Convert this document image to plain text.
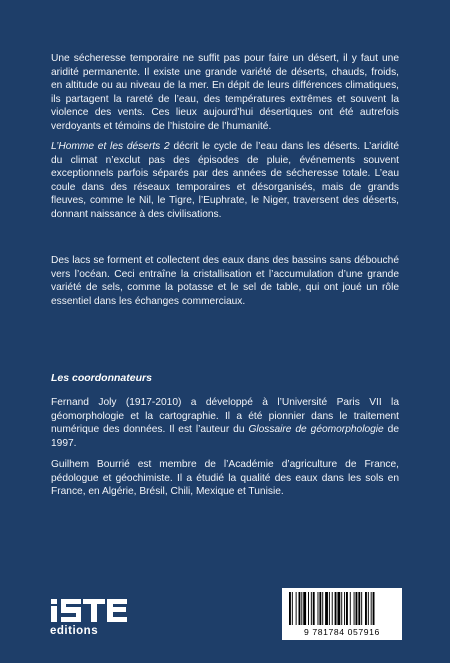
Une sécheresse temporaire ne suffit pas pour faire un désert, il y faut une aridité permanente. Il existe une grande variété de déserts, chauds, froids, en altitude ou au niveau de la mer. En dépit de leurs différences climatiques, ils partagent la rareté de l’eau, des températures extrêmes et souvent la violence des vents. Ces lieux aujourd’hui désertiques ont été autrefois verdoyants et témoins de l’histoire de l’humanité.

L’Homme et les déserts 2 décrit le cycle de l’eau dans les déserts. L’aridité du climat n’exclut pas des épisodes de pluie, événements souvent exceptionnels parfois séparés par des années de sécheresse totale. L’eau coule dans des réseaux temporaires et désorganisés, mais de grands fleuves, comme le Nil, le Tigre, l’Euphrate, le Niger, traversent des déserts, donnant naissance à des civilisations.

Des lacs se forment et collectent des eaux dans des bassins sans débouché vers l’océan. Ceci entraîne la cristallisation et l’accumulation d’une grande variété de sels, comme la potasse et le sel de table, qui ont joué un rôle essentiel dans les échanges commerciaux.

Les coordonnateurs

Fernand Joly (1917-2010) a développé à l’Université Paris VII la géomorphologie et la cartographie. Il a été pionnier dans le traitement numérique des données. Il est l’auteur du Glossaire de géomorphologie de 1997.

Guilhem Bourrié est membre de l’Académie d’agriculture de France, pédologue et géochimiste. Il a étudié la qualité des eaux dans les sols en France, en Algérie, Brésil, Chili, Mexique et Tunisie.

editions	9 781784 057916
